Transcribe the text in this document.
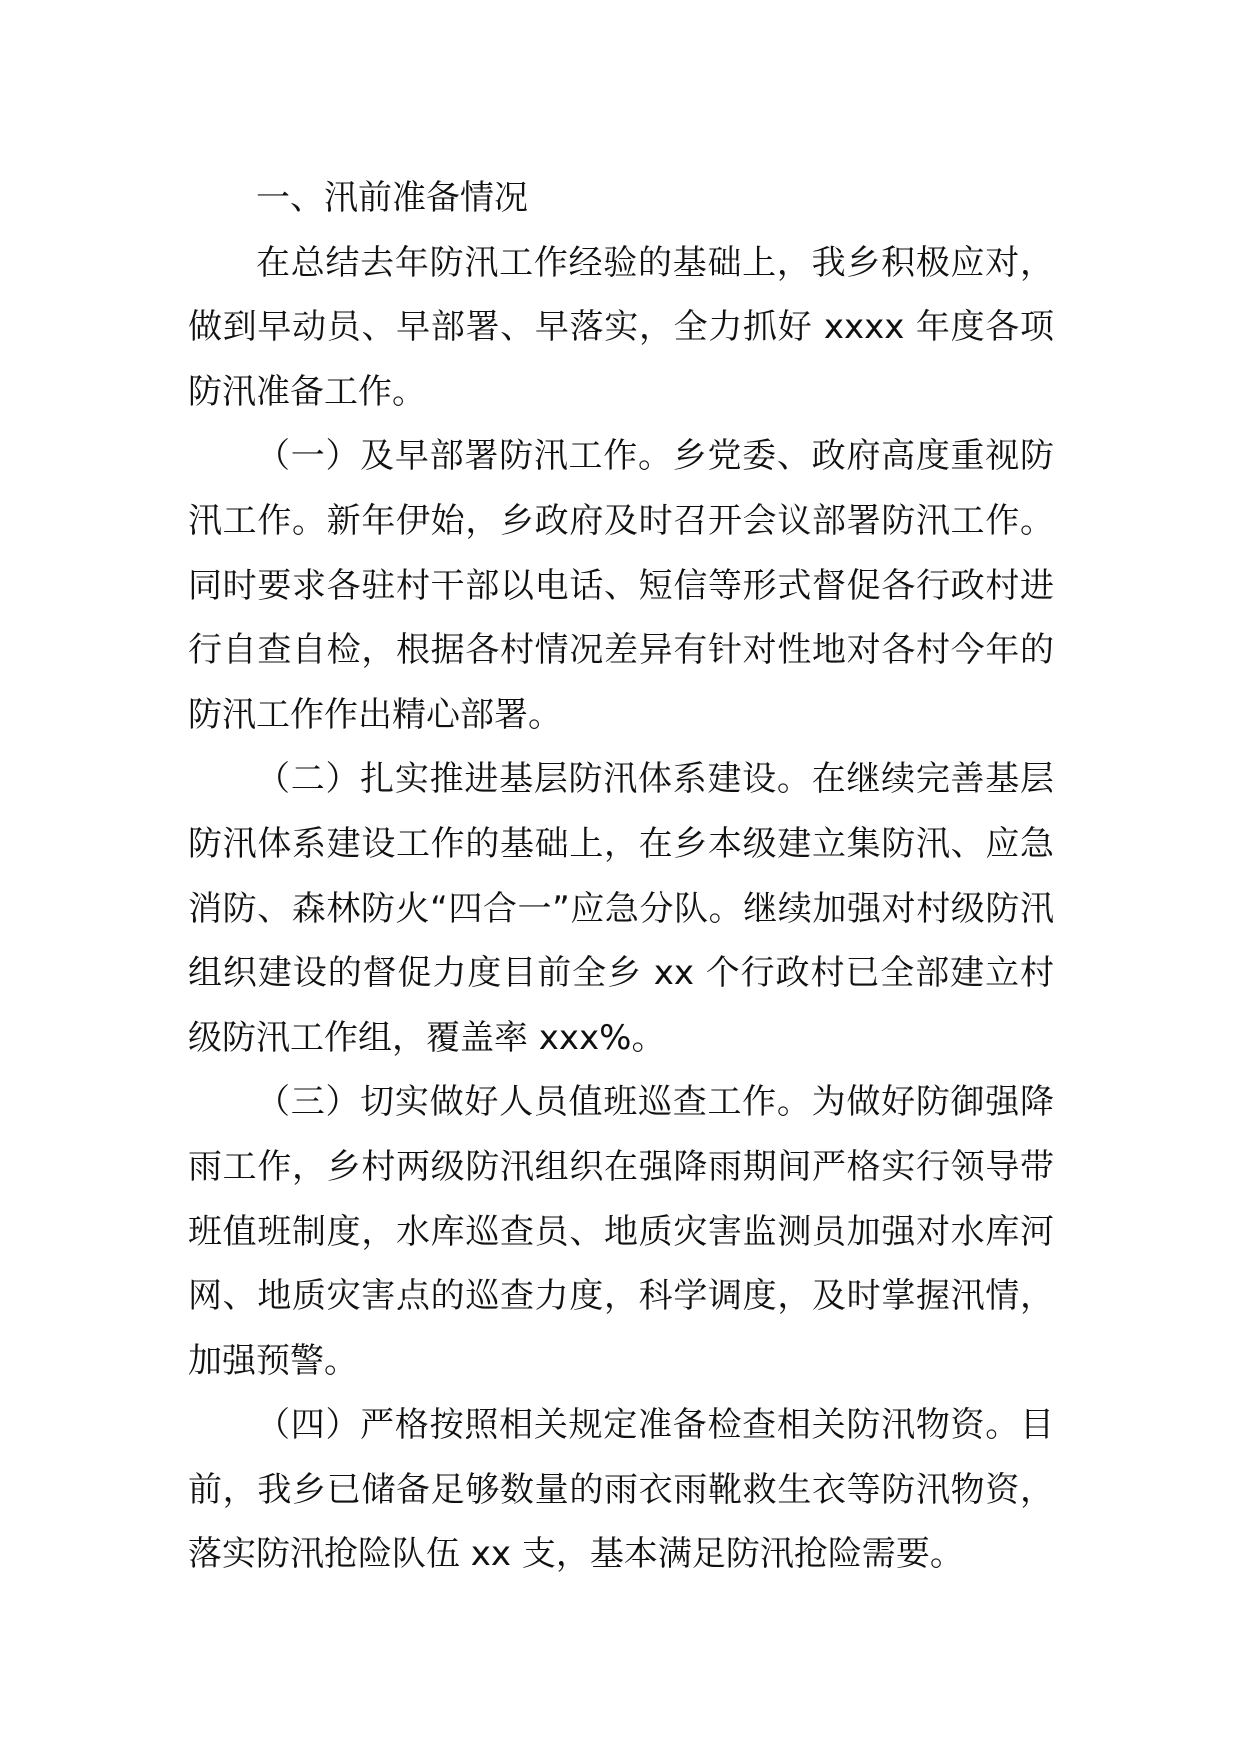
一、汛前准备情况

在总结去年防汛工作经验的基础上，我乡积极应对，做到早动员、早部署、早落实，全力抓好 xxxx 年度各项防汛准备工作。

（一）及早部署防汛工作。乡党委、政府高度重视防汛工作。新年伊始，乡政府及时召开会议部署防汛工作。同时要求各驻村干部以电话、短信等形式督促各行政村进行自查自检，根据各村情况差异有针对性地对各村今年的防汛工作作出精心部署。

（二）扎实推进基层防汛体系建设。在继续完善基层防汛体系建设工作的基础上，在乡本级建立集防汛、应急消防、森林防火“四合一”应急分队。继续加强对村级防汛组织建设的督促力度目前全乡 xx 个行政村已全部建立村级防汛工作组，覆盖率 xxx%。

（三）切实做好人员值班巡查工作。为做好防御强降雨工作，乡村两级防汛组织在强降雨期间严格实行领导带班值班制度，水库巡查员、地质灾害监测员加强对水库河网、地质灾害点的巡查力度，科学调度，及时掌握汛情，加强预警。

（四）严格按照相关规定准备检查相关防汛物资。目前，我乡已储备足够数量的雨衣雨靴救生衣等防汛物资，落实防汛抢险队伍 xx 支，基本满足防汛抢险需要。
